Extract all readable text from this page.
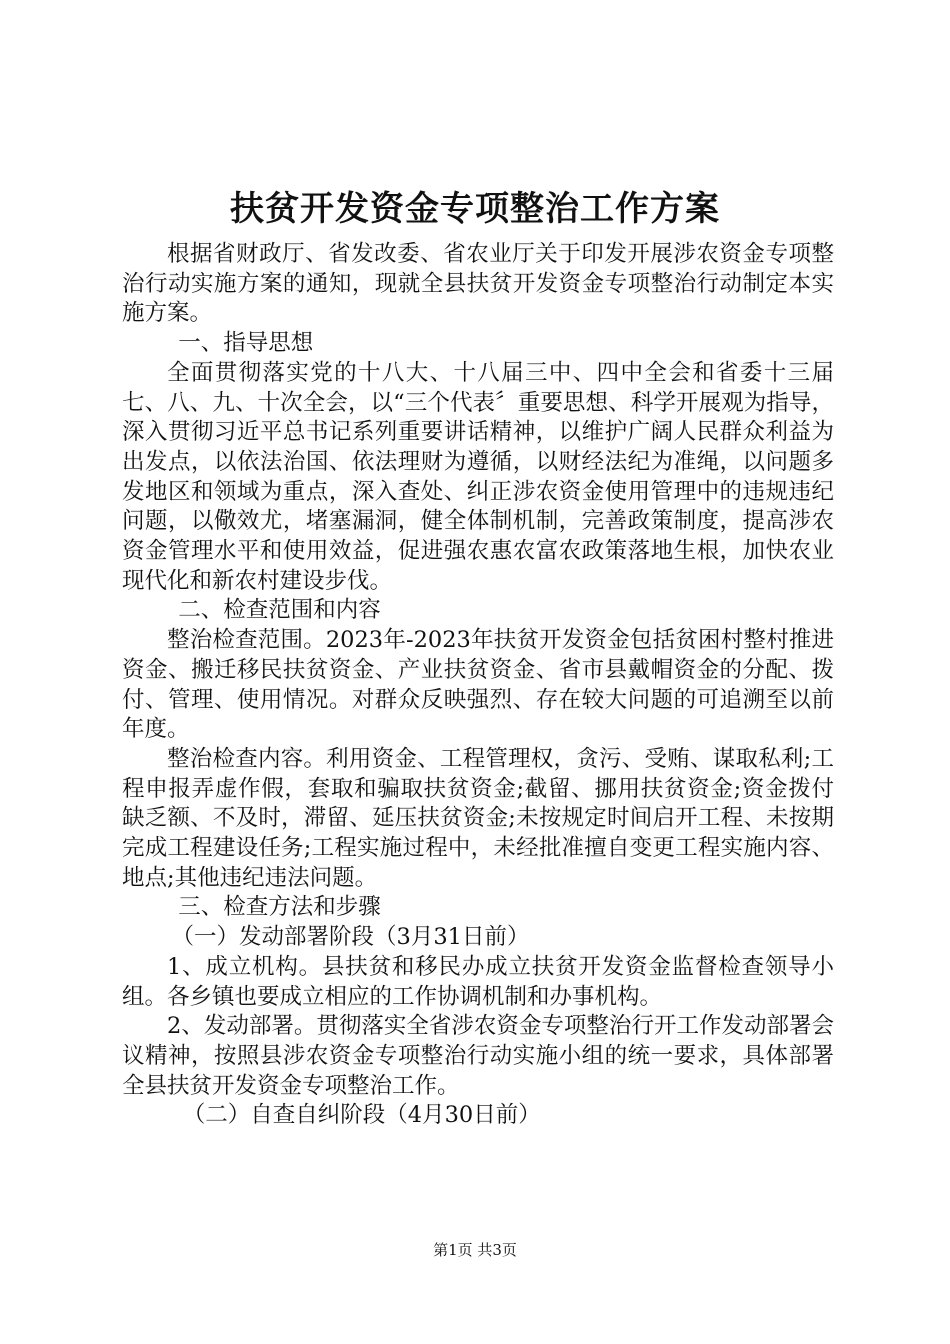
扶贫开发资金专项整治工作方案

根据省财政厅、省发改委、省农业厅关于印发开展涉农资金专项整治行动实施方案的通知，现就全县扶贫开发资金专项整治行动制定本实施方案。

一、指导思想

全面贯彻落实党的十八大、十八届三中、四中全会和省委十三届七、八、九、十次全会，以“三个代表〞重要思想、科学开展观为指导，深入贯彻习近平总书记系列重要讲话精神，以维护广阔人民群众利益为出发点，以依法治国、依法理财为遵循，以财经法纪为准绳，以问题多发地区和领域为重点，深入查处、纠正涉农资金使用管理中的违规违纪问题，以儆效尤，堵塞漏洞，健全体制机制，完善政策制度，提高涉农资金管理水平和使用效益，促进强农惠农富农政策落地生根，加快农业现代化和新农村建设步伐。

二、检查范围和内容

整治检查范围。2023年-2023年扶贫开发资金包括贫困村整村推进资金、搬迁移民扶贫资金、产业扶贫资金、省市县戴帽资金的分配、拨付、管理、使用情况。对群众反映强烈、存在较大问题的可追溯至以前年度。

整治检查内容。利用资金、工程管理权，贪污、受贿、谋取私利;工程申报弄虚作假，套取和骗取扶贫资金;截留、挪用扶贫资金;资金拨付缺乏额、不及时，滞留、延压扶贫资金;未按规定时间启开工程、未按期完成工程建设任务;工程实施过程中，未经批准擅自变更工程实施内容、地点;其他违纪违法问题。

三、检查方法和步骤

（一）发动部署阶段（3月31日前）

1、成立机构。县扶贫和移民办成立扶贫开发资金监督检查领导小组。各乡镇也要成立相应的工作协调机制和办事机构。

2、发动部署。贯彻落实全省涉农资金专项整治行开工作发动部署会议精神，按照县涉农资金专项整治行动实施小组的统一要求，具体部署全县扶贫开发资金专项整治工作。

（二）自查自纠阶段（4月30日前）

第1页 共3页
